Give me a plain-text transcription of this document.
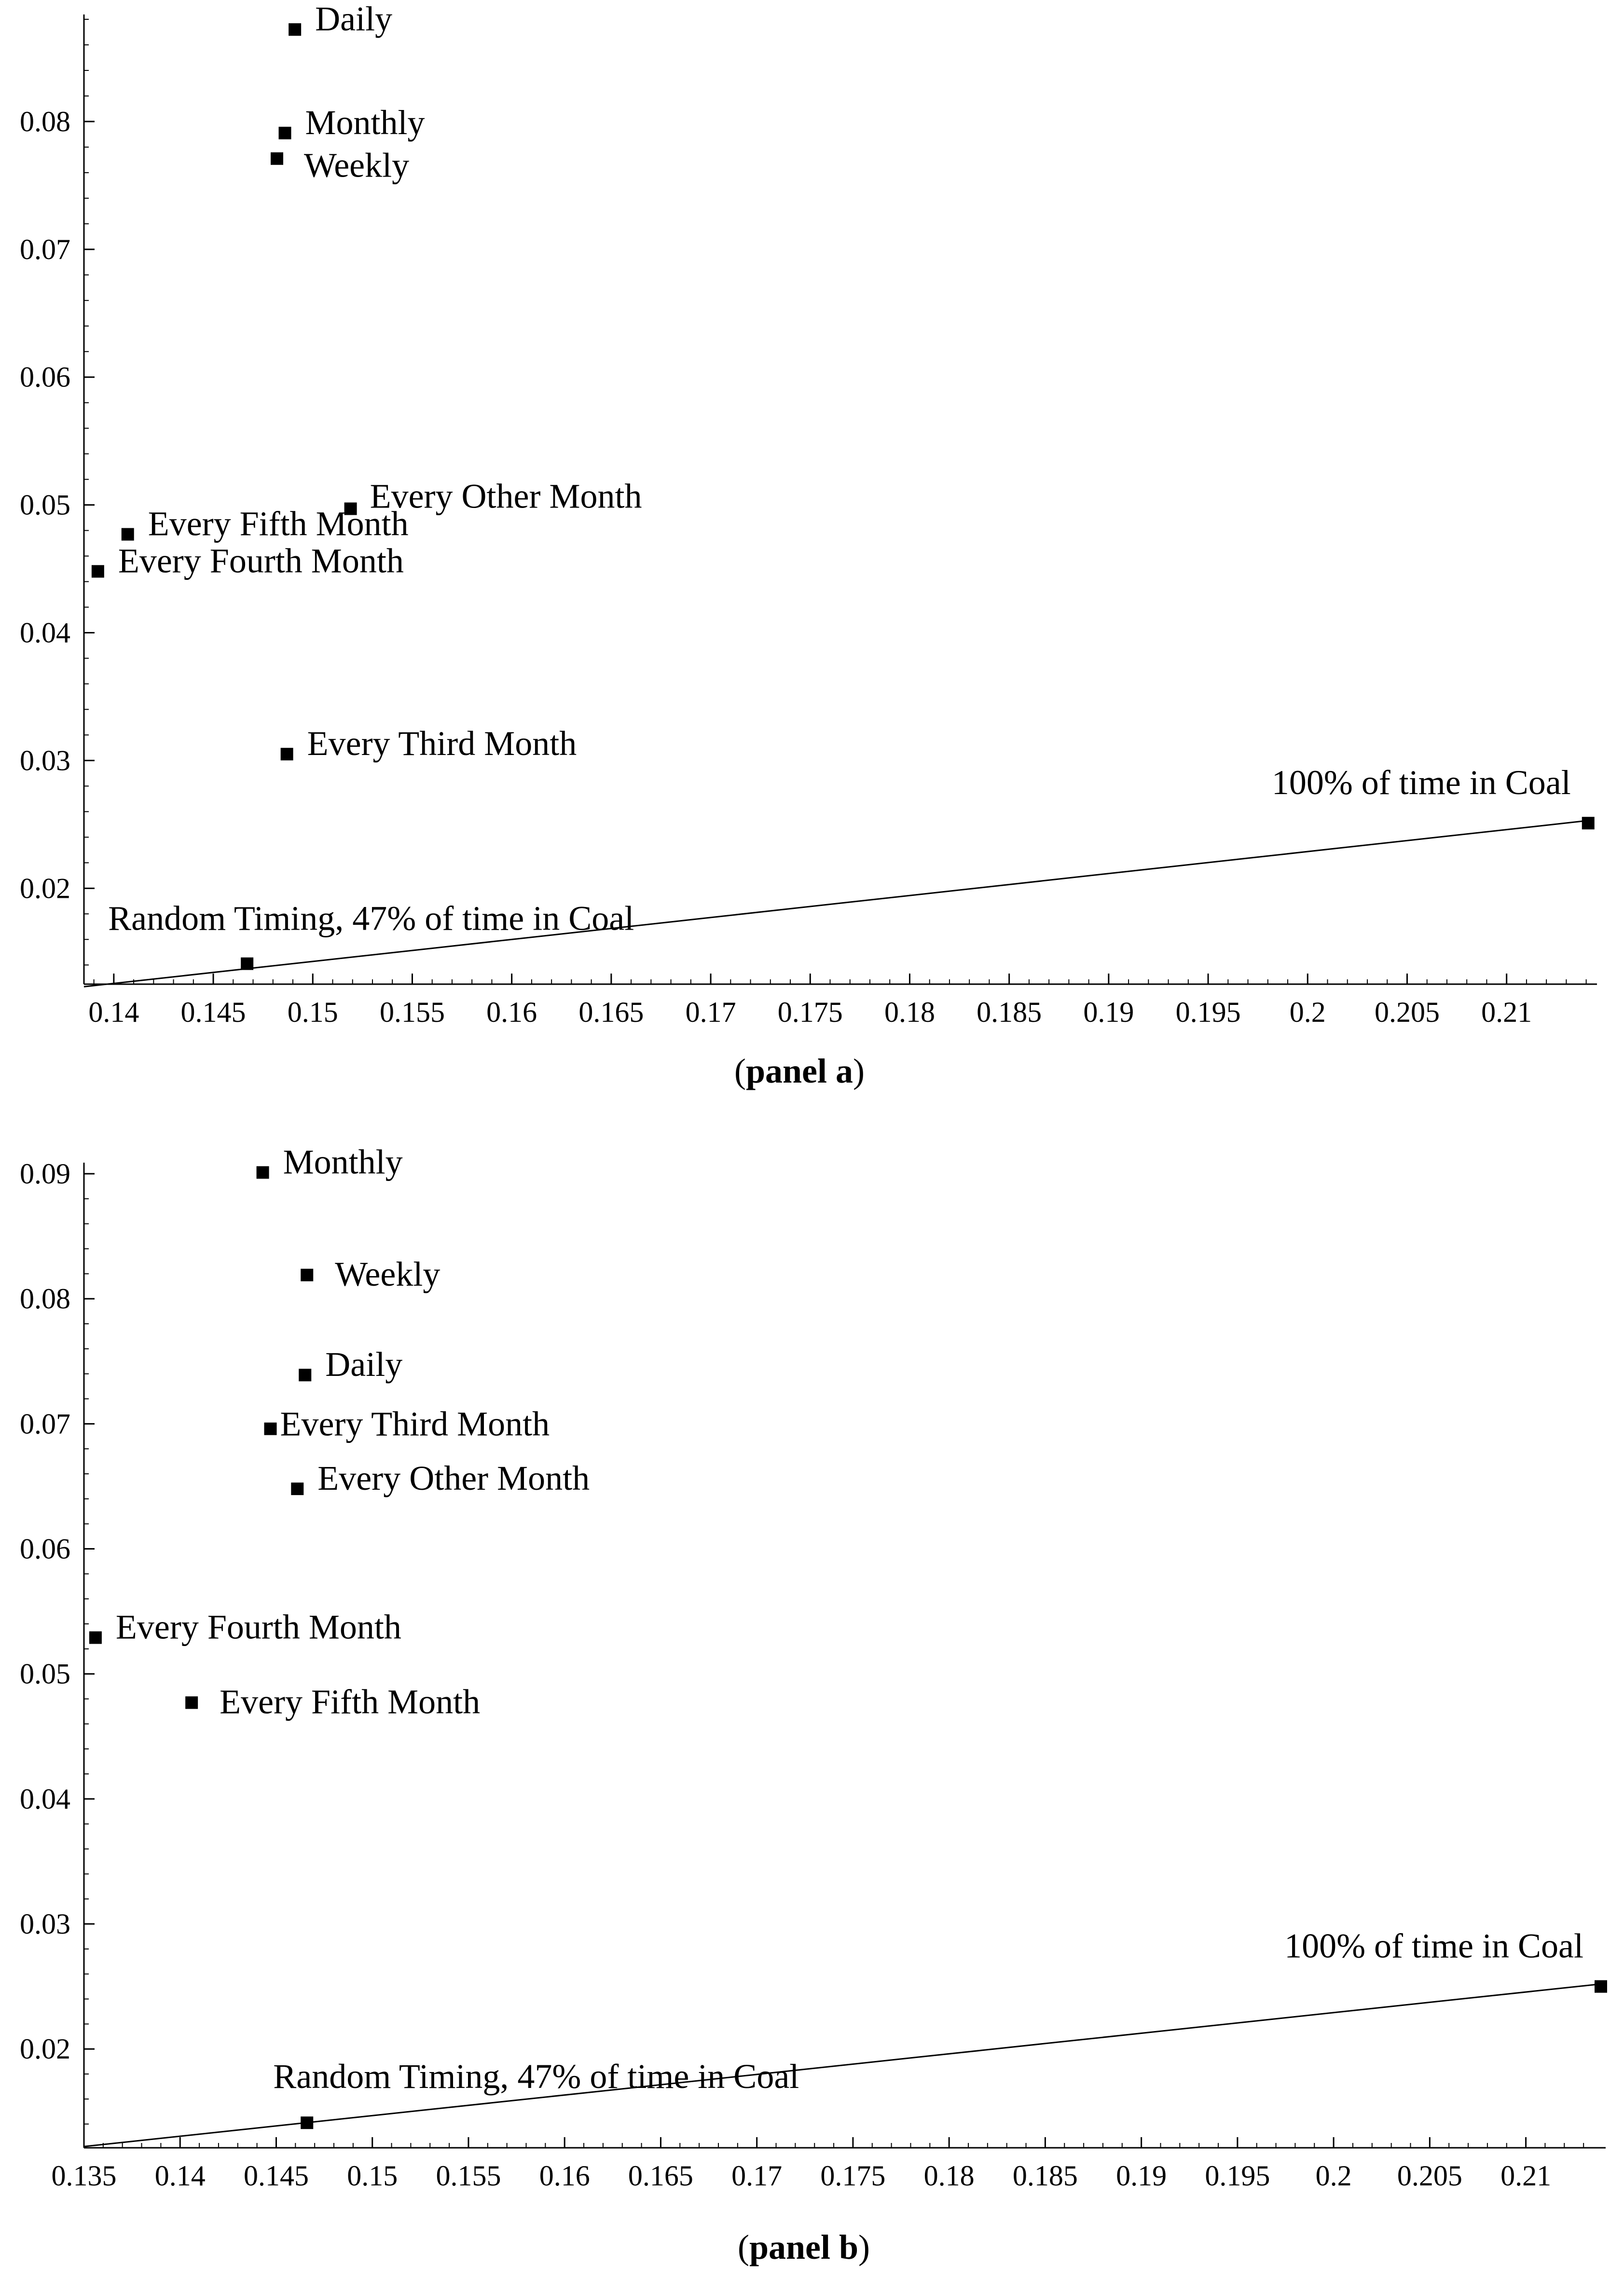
0.14 0.145 0.15 0.155 0.16 0.165 0.17 0.175 0.18 0.185 0.19 0.195 0.2 0.205 0.21
0.02
0.03
0.04
0.05
0.06
0.07
0.08
Daily
Monthly
Weekly
Every Other Month
Every Fifth Month
Every Fourth Month
Every Third Month
100% of time in Coal
Random Timing, 47% of time in Coal
(panel a)
0.135 0.14 0.145 0.15 0.155 0.16 0.165 0.17 0.175 0.18 0.185 0.19 0.195 0.2 0.205 0.21
0.02
0.03
0.04
0.05
0.06
0.07
0.08
0.09	Monthly
Weekly
Daily
Every Third Month
Every Other Month
Every Fourth Month
Every Fifth Month
100% of time in Coal
Random Timing, 47% of time in Coal
(panel b)
